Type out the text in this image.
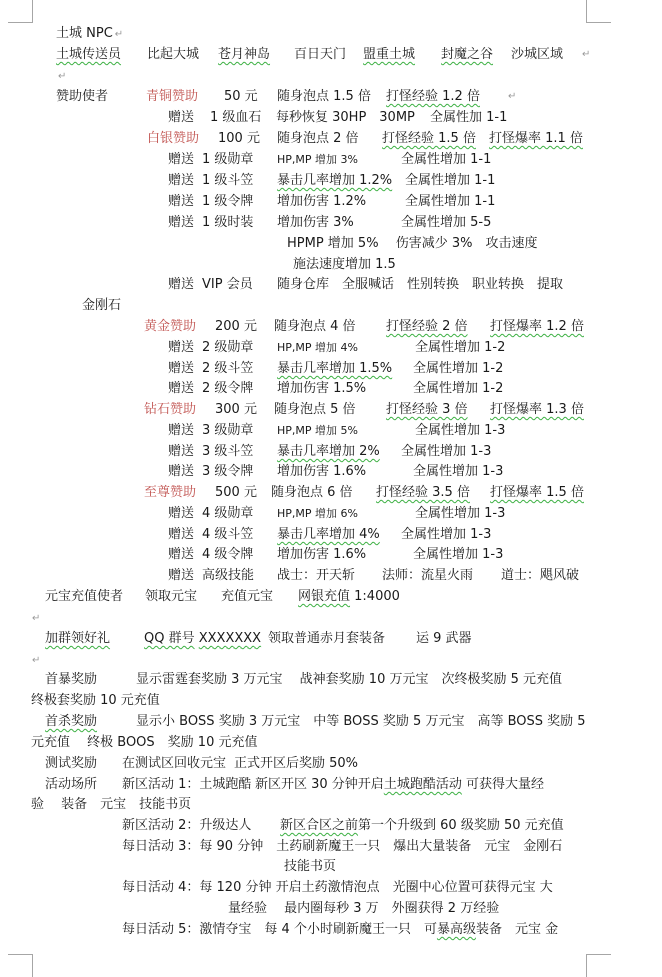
土城 NPC ↵
土城传送员 比起大城 苍月神岛 百日天门 盟重土城 封魔之谷 沙城区域 ↵
↵
赞助使者	青铜赞助 50 元 随身泡点 1.5 倍 打怪经验 1.2 倍	↵
赠送 1 级血石 每秒恢复 30HP　30MP 全属性加 1-1
白银赞助 100 元 随身泡点 2 倍 打怪经验 1.5 倍 打怪爆率 1.1 倍
赠送 1 级勋章 HP,MP 增加 3%	全属性增加 1-1
赠送 1 级斗笠 暴击几率增加 1.2% 全属性增加 1-1
赠送 1 级令牌 增加伤害 1.2%	全属性增加 1-1
赠送 1 级时装 增加伤害 3%	全属性增加 5-5
HPMP 增加 5%　 伤害减少 3%　攻击速度
施法速度增加 1.5
赠送 VIP 会员 随身仓库　全服喊话　性别转换　职业转换　提取
金刚石
黄金赞助 200 元 随身泡点 4 倍 打怪经验 2 倍 打怪爆率 1.2 倍
赠送 2 级勋章 HP,MP 增加 4%	全属性增加 1-2
赠送 2 级斗笠 暴击几率增加 1.5% 全属性增加 1-2
赠送 2 级令牌 增加伤害 1.5%	全属性增加 1-2
钻石赞助 300 元 随身泡点 5 倍 打怪经验 3 倍 打怪爆率 1.3 倍
赠送 3 级勋章 HP,MP 增加 5%	全属性增加 1-3
赠送 3 级斗笠 暴击几率增加 2% 全属性增加 1-3
赠送 3 级令牌 增加伤害 1.6%	全属性增加 1-3
至尊赞助 500 元 随身泡点 6 倍 打怪经验 3.5 倍 打怪爆率 1.5 倍
赠送 4 级勋章 HP,MP 增加 6%	全属性增加 1-3
赠送 4 级斗笠 暴击几率增加 4% 全属性增加 1-3
赠送 4 级令牌 增加伤害 1.6%	全属性增加 1-3
赠送 高级技能 战士：开天斩 法师：流星火雨 道士：飓风破
元宝充值使者 领取元宝 充值元宝 网银充值 1:4000
↵
加群领好礼	QQ 群号 XXXXXXX 领取普通赤月套装备 运 9 武器
↵
首暴奖励	显示雷霆套奖励 3 万元宝　 战神套奖励 10 万元宝　次终极奖励 5 元充值
终极套奖励 10 元充值
首杀奖励	显示小 BOSS 奖励 3 万元宝　中等 BOSS 奖励 5 万元宝　高等 BOSS 奖励 5
元充值　 终极 BOOS　奖励 10 元充值
测试奖励 在测试区回收元宝 正式开区后奖励 50%
活动场所 新区活动 1：土城跑酷 新区开区 30 分钟开启土城跑酷活动 可获得大量经
验　 装备　元宝　技能书页
新区活动 2：升级达人 新区合区之前第一个升级到 60 级奖励 50 元充值
每日活动 3：每 90 分钟　土药刷新魔王一只　爆出大量装备　元宝　金刚石
技能书页
每日活动 4：每 120 分钟 开启土药激情泡点　光圈中心位置可获得元宝 大
量经验　 最内圈每秒 3 万　外圈获得 2 万经验
每日活动 5：激情夺宝　每 4 个小时刷新魔王一只　可暴高级装备　元宝 金
